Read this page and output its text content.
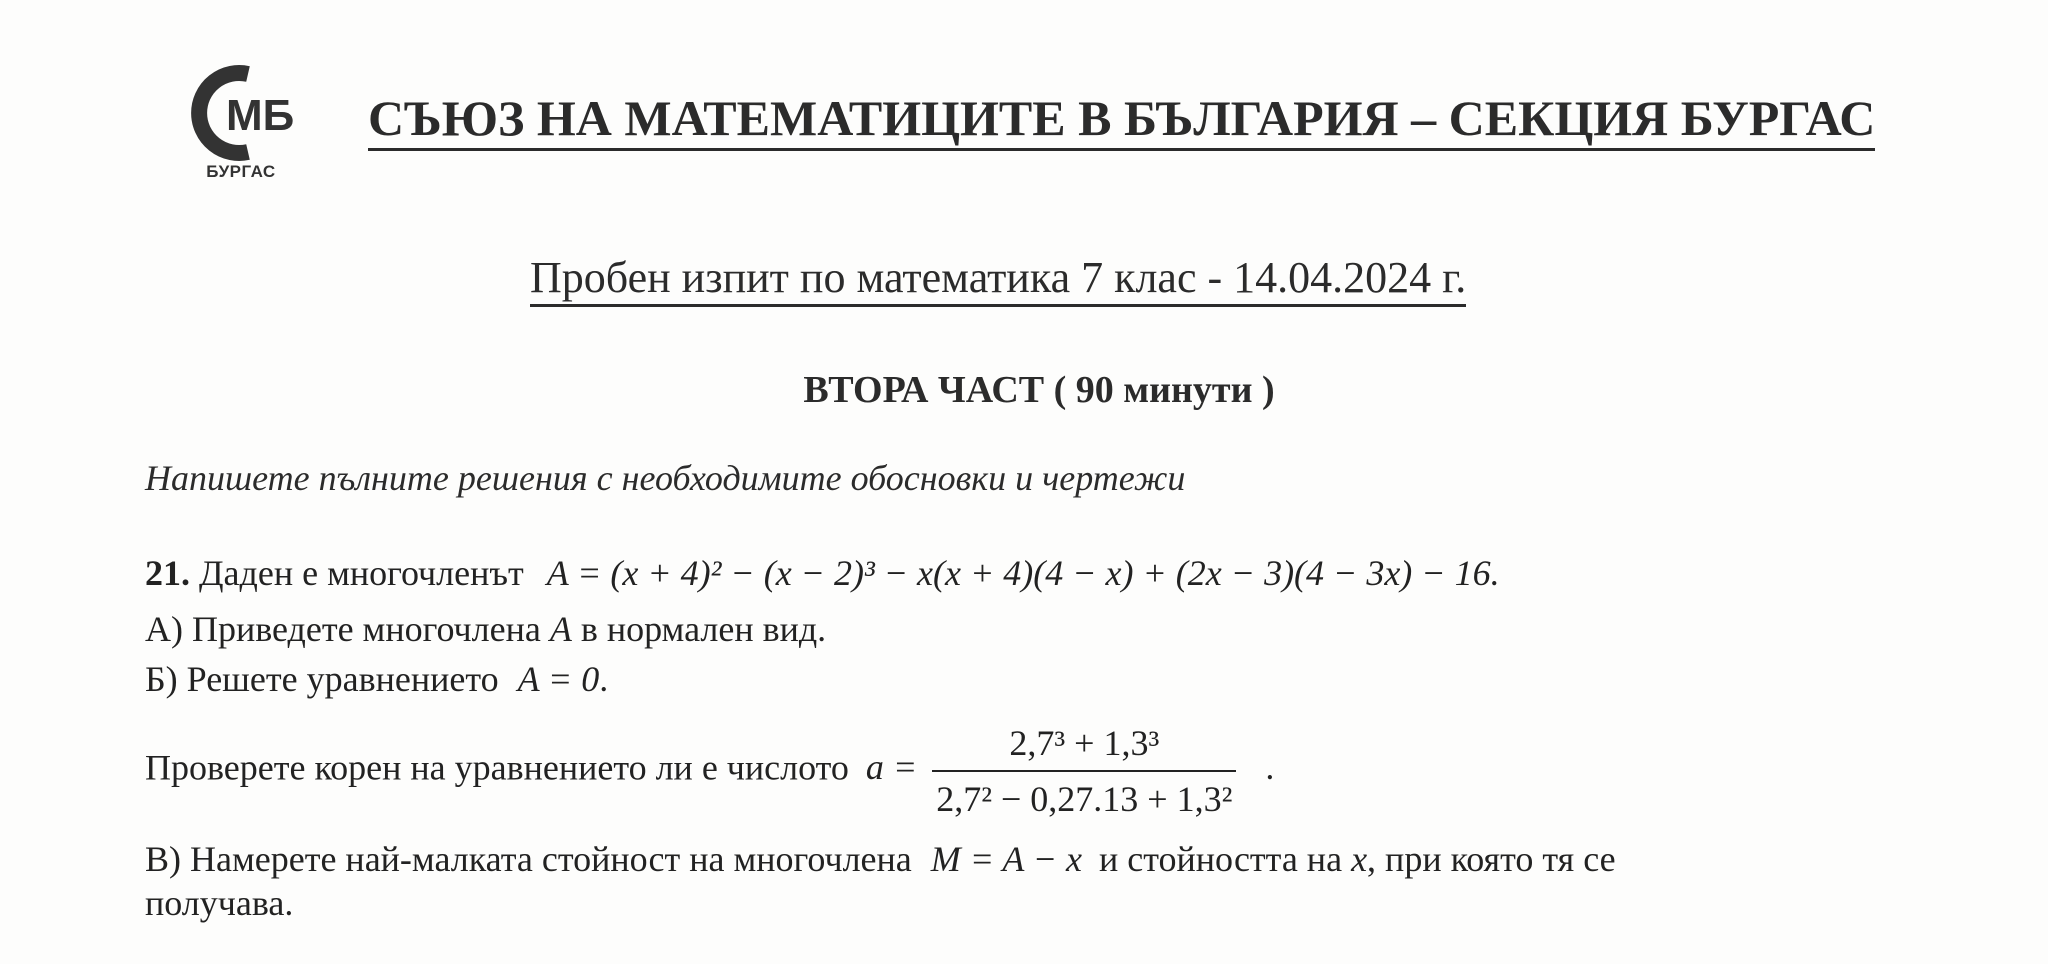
МБ
БУРГАС
СЪЮЗ НА МАТЕМАТИЦИТЕ В БЪЛГАРИЯ – СЕКЦИЯ БУРГАС
Пробен изпит по математика 7 клас - 14.04.2024 г.
ВТОРА ЧАСТ ( 90 минути )
Напишете пълните решения с необходимите обосновки и чертежи
21. Даден е многочленът A = (x + 4)² − (x − 2)³ − x(x + 4)(4 − x) + (2x − 3)(4 − 3x) − 16.
А) Приведете многочлена A в нормален вид.
Б) Решете уравнението A = 0.
Проверете корен на уравнението ли е числото $a = \frac{\text{2,7³ + 1,3³}}{\text{2,7² − 0,27.13 + 1,3²}}$ .
В) Намерете най-малката стойност на многочлена M = A − x и стойността на x, при която тя се
получава.
